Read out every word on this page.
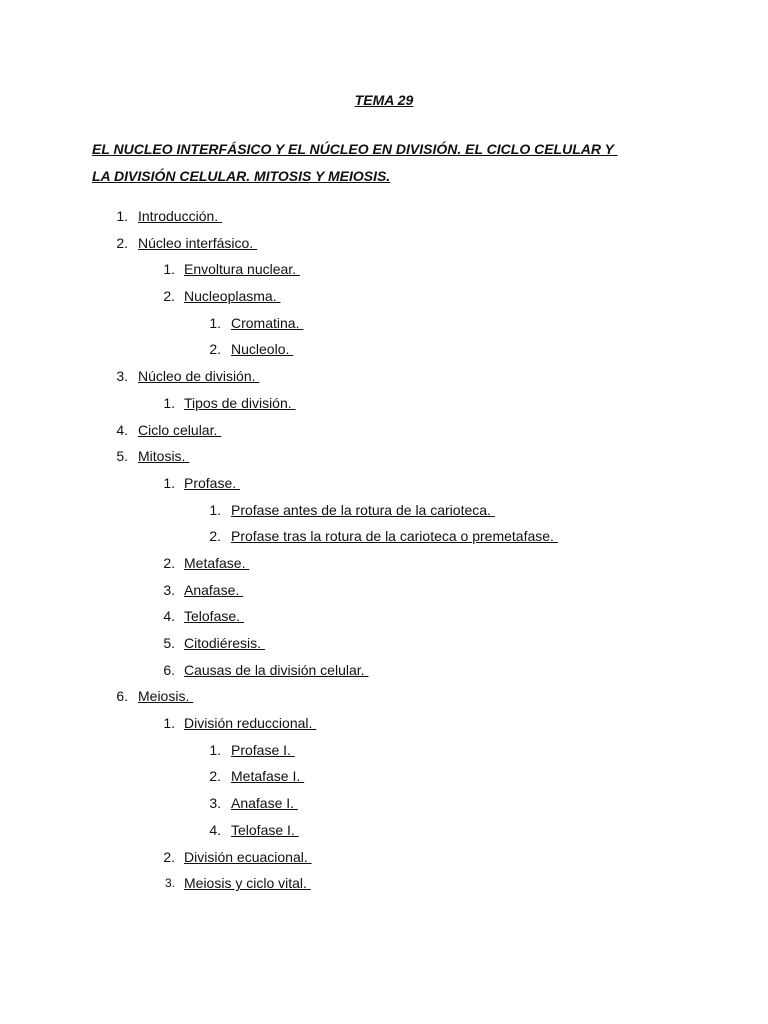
TEMA 29
EL NUCLEO INTERFÁSICO Y EL NÚCLEO EN DIVISIÓN. EL CICLO CELULAR Y
LA DIVISIÓN CELULAR. MITOSIS Y MEIOSIS.
1. Introducción.
2. Núcleo interfásico.
1. Envoltura nuclear.
2. Nucleoplasma.
1. Cromatina.
2. Nucleolo.
3. Núcleo de división.
1. Tipos de división.
4. Ciclo celular.
5. Mitosis.
1. Profase.
1. Profase antes de la rotura de la carioteca.
2. Profase tras la rotura de la carioteca o premetafase.
2. Metafase.
3. Anafase.
4. Telofase.
5. Citodiéresis.
6. Causas de la división celular.
6. Meiosis.
1. División reduccional.
1. Profase I.
2. Metafase I.
3. Anafase I.
4. Telofase I.
2. División ecuacional.
3. Meiosis y ciclo vital.
